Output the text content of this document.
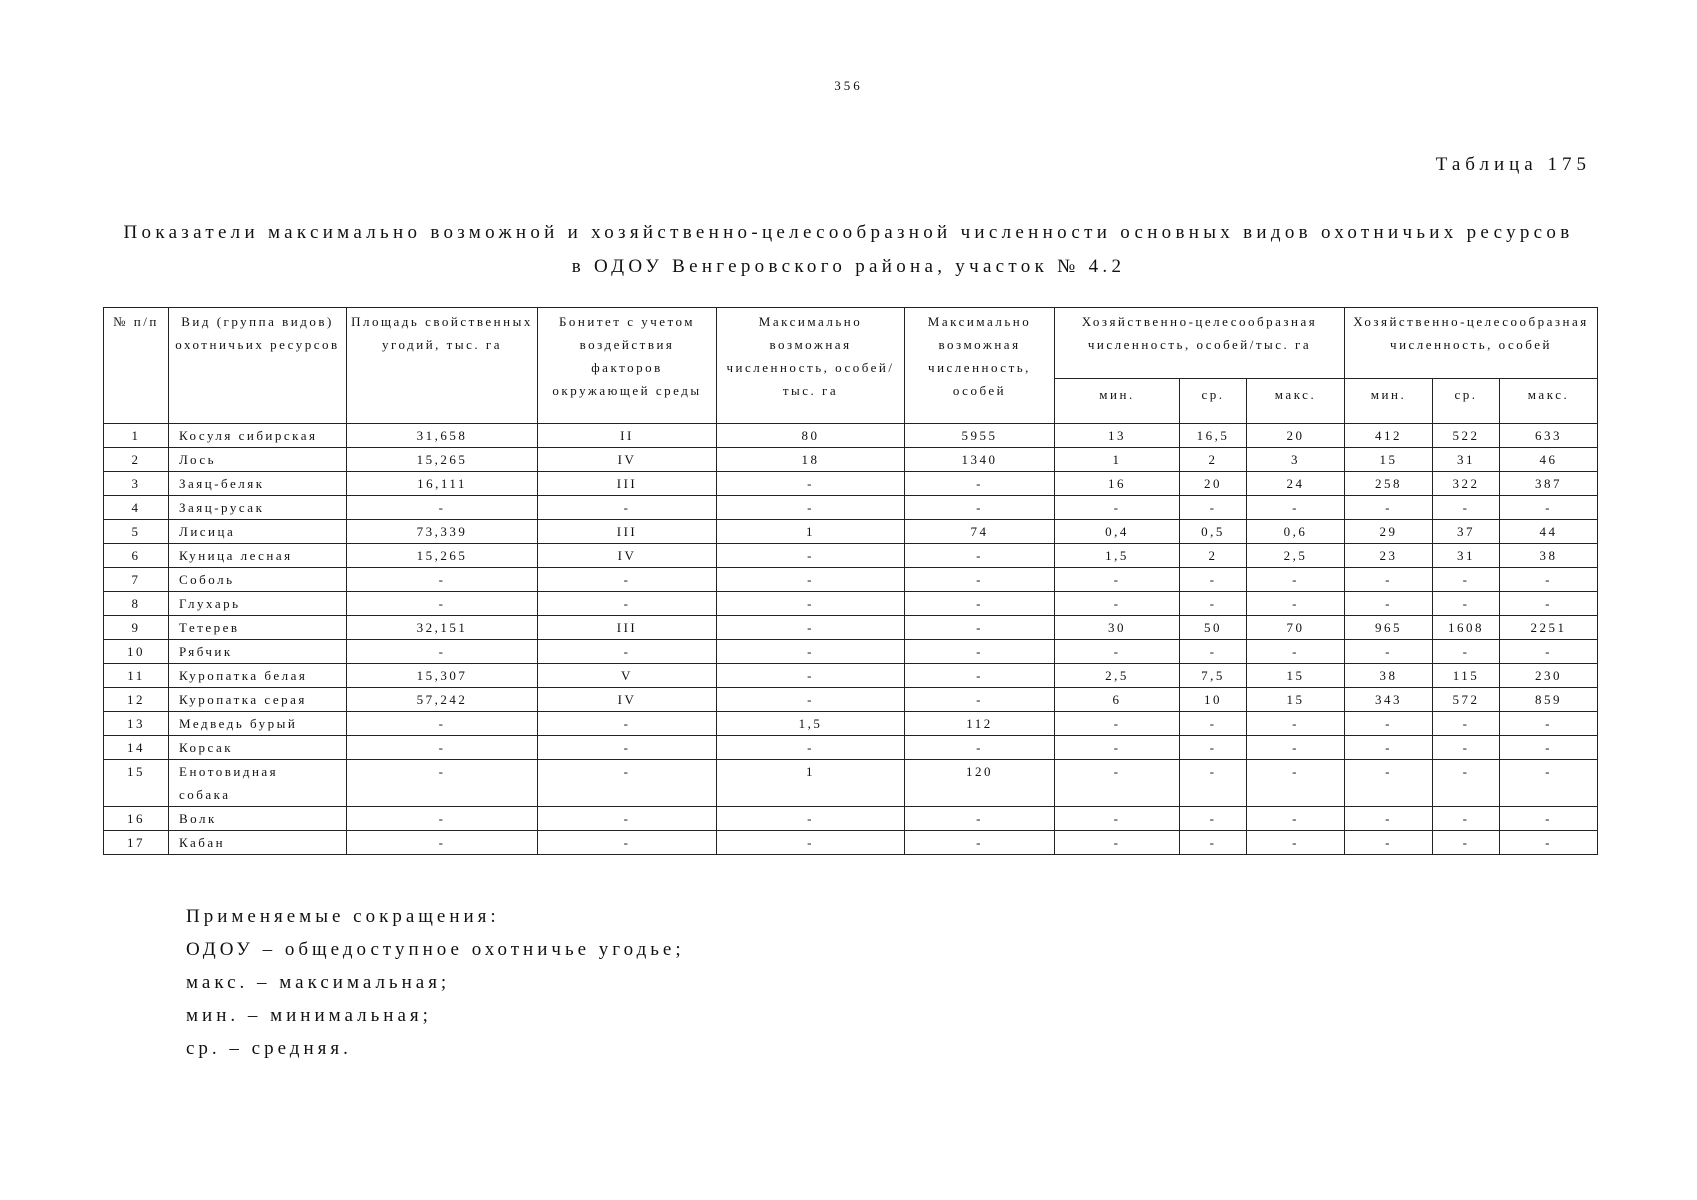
356
Таблица 175
Показатели максимально возможной и хозяйственно-целесообразной численности основных видов охотничьих ресурсов
в ОДОУ Венгеровского района, участок № 4.2
№ п/п	Вид (группа видов) охотничьих ресурсов	Площадь свойственных угодий, тыс. га	Бонитет с учетом воздействия факторов окружающей среды	Максимально возможная численность, особей/тыс. га	Максимально возможная численность, особей	Хозяйственно-целесообразная численность, особей/тыс. га			Хозяйственно-целесообразная численность, особей		
						мин.	ср.	макс.	мин.	ср.	макс.
1	Косуля сибирская	31,658	II	80	5955	13	16,5	20	412	522	633
2	Лось	15,265	IV	18	1340	1	2	3	15	31	46
3	Заяц-беляк	16,111	III	-	-	16	20	24	258	322	387
4	Заяц-русак	-	-	-	-	-	-	-	-	-	-
5	Лисица	73,339	III	1	74	0,4	0,5	0,6	29	37	44
6	Куница лесная	15,265	IV	-	-	1,5	2	2,5	23	31	38
7	Соболь	-	-	-	-	-	-	-	-	-	-
8	Глухарь	-	-	-	-	-	-	-	-	-	-
9	Тетерев	32,151	III	-	-	30	50	70	965	1608	2251
10	Рябчик	-	-	-	-	-	-	-	-	-	-
11	Куропатка белая	15,307	V	-	-	2,5	7,5	15	38	115	230
12	Куропатка серая	57,242	IV	-	-	6	10	15	343	572	859
13	Медведь бурый	-	-	1,5	112	-	-	-	-	-	-
14	Корсак	-	-	-	-	-	-	-	-	-	-
15	Енотовидная собака	-	-	1	120	-	-	-	-	-	-
16	Волк	-	-	-	-	-	-	-	-	-	-
17	Кабан	-	-	-	-	-	-	-	-	-	-
Применяемые сокращения:
ОДОУ – общедоступное охотничье угодье;
макс. – максимальная;
мин. – минимальная;
ср. – средняя.
